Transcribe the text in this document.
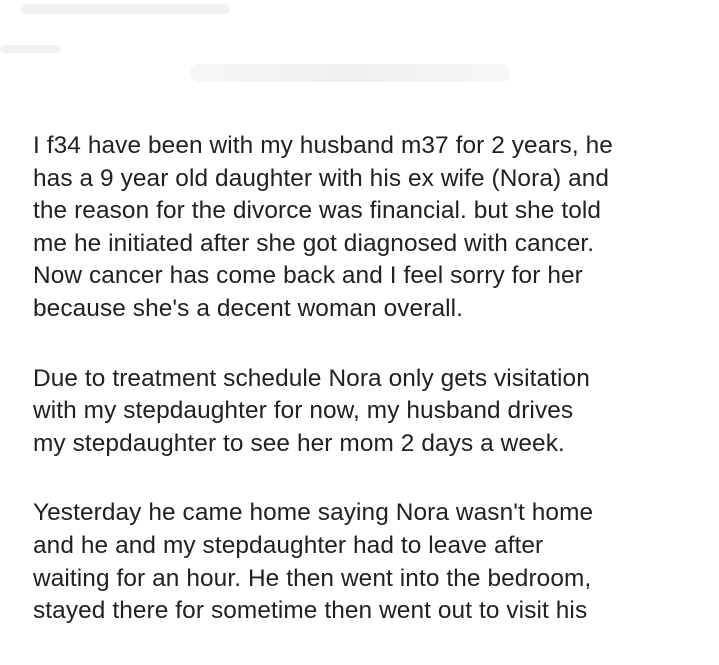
I f34 have been with my husband m37 for 2 years, he
has a 9 year old daughter with his ex wife (Nora) and
the reason for the divorce was financial. but she told
me he initiated after she got diagnosed with cancer.
Now cancer has come back and I feel sorry for her
because she's a decent woman overall.

Due to treatment schedule Nora only gets visitation
with my stepdaughter for now, my husband drives
my stepdaughter to see her mom 2 days a week.

Yesterday he came home saying Nora wasn't home
and he and my stepdaughter had to leave after
waiting for an hour. He then went into the bedroom,
stayed there for sometime then went out to visit his
